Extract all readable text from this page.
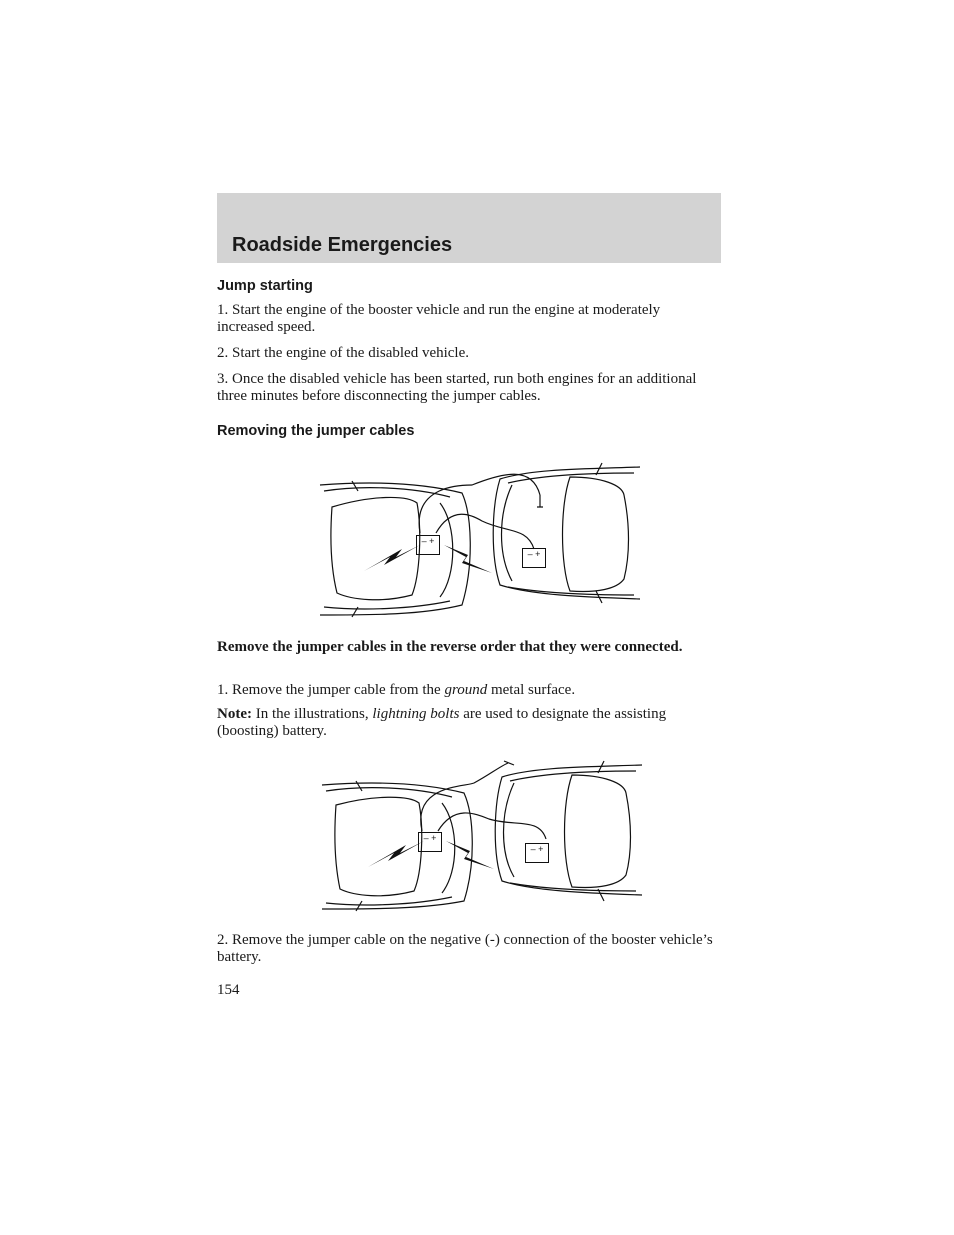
Roadside Emergencies
Jump starting

1. Start the engine of the booster vehicle and run the engine at moderately increased speed.

2. Start the engine of the disabled vehicle.

3. Once the disabled vehicle has been started, run both engines for an additional three minutes before disconnecting the jumper cables.

Removing the jumper cables
– +
– +

Remove the jumper cables in the reverse order that they were connected.

1. Remove the jumper cable from the ground metal surface.

Note: In the illustrations, lightning bolts are used to designate the assisting (boosting) battery.

– +
– +

2. Remove the jumper cable on the negative (-) connection of the booster vehicle’s battery.

154
